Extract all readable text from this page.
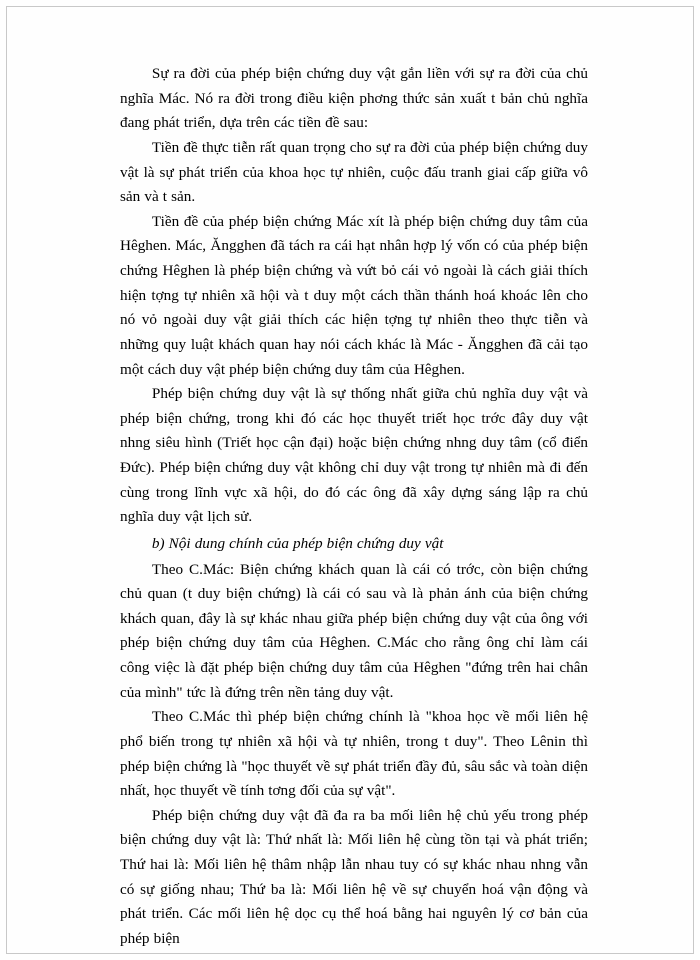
Sự ra đời của phép biện chứng duy vật gắn liền với sự ra đời của chủ nghĩa Mác. Nó ra đời trong điều kiện phơng thức sản xuất t bản chủ nghĩa đang phát triển, dựa trên các tiền đề sau:

Tiền đề thực tiễn rất quan trọng cho sự ra đời của phép biện chứng duy vật là sự phát triển của khoa học tự nhiên, cuộc đấu tranh giai cấp giữa vô sản và t sản.

Tiền đề của phép biện chứng Mác xít là phép biện chứng duy tâm của Hêghen. Mác, Ăngghen đã tách ra cái hạt nhân hợp lý vốn có của phép biện chứng Hêghen là phép biện chứng và vứt bỏ cái vỏ ngoài là cách giải thích hiện tợng tự nhiên xã hội và t duy một cách thần thánh hoá khoác lên cho nó vỏ ngoài duy vật giải thích các hiện tợng tự nhiên theo thực tiễn và những quy luật khách quan hay nói cách khác là Mác - Ăngghen đã cải tạo một cách duy vật phép biện chứng duy tâm của Hêghen.

Phép biện chứng duy vật là sự thống nhất giữa chủ nghĩa duy vật và phép biện chứng, trong khi đó các học thuyết triết học trớc đây duy vật nhng siêu hình (Triết học cận đại) hoặc biện chứng nhng duy tâm (cổ điển Đức). Phép biện chứng duy vật không chỉ duy vật trong tự nhiên mà đi đến cùng trong lĩnh vực xã hội, do đó các ông đã xây dựng sáng lập ra chủ nghĩa duy vật lịch sử.

b) Nội dung chính của phép biện chứng duy vật

Theo C.Mác: Biện chứng khách quan là cái có trớc, còn biện chứng chủ quan (t duy biện chứng) là cái có sau và là phản ánh của biện chứng khách quan, đây là sự khác nhau giữa phép biện chứng duy vật của ông với phép biện chứng duy tâm của Hêghen. C.Mác cho rằng ông chỉ làm cái công việc là đặt phép biện chứng duy tâm của Hêghen "đứng trên hai chân của mình" tức là đứng trên nền tảng duy vật.

Theo C.Mác thì phép biện chứng chính là "khoa học về mối liên hệ phổ biến trong tự nhiên xã hội và tự nhiên, trong t duy". Theo Lênin thì phép biện chứng là "học thuyết về sự phát triển đầy đủ, sâu sắc và toàn diện nhất, học thuyết về tính tơng đối của sự vật".

Phép biện chứng duy vật đã đa ra ba mối liên hệ chủ yếu trong phép biện chứng duy vật là: Thứ nhất là: Mối liên hệ cùng tồn tại và phát triển; Thứ hai là: Mối liên hệ thâm nhập lẫn nhau tuy có sự khác nhau nhng vẫn có sự giống nhau; Thứ ba là: Mối liên hệ về sự chuyển hoá vận động và phát triển. Các mối liên hệ dọc cụ thể hoá bằng hai nguyên lý cơ bản của phép biện
